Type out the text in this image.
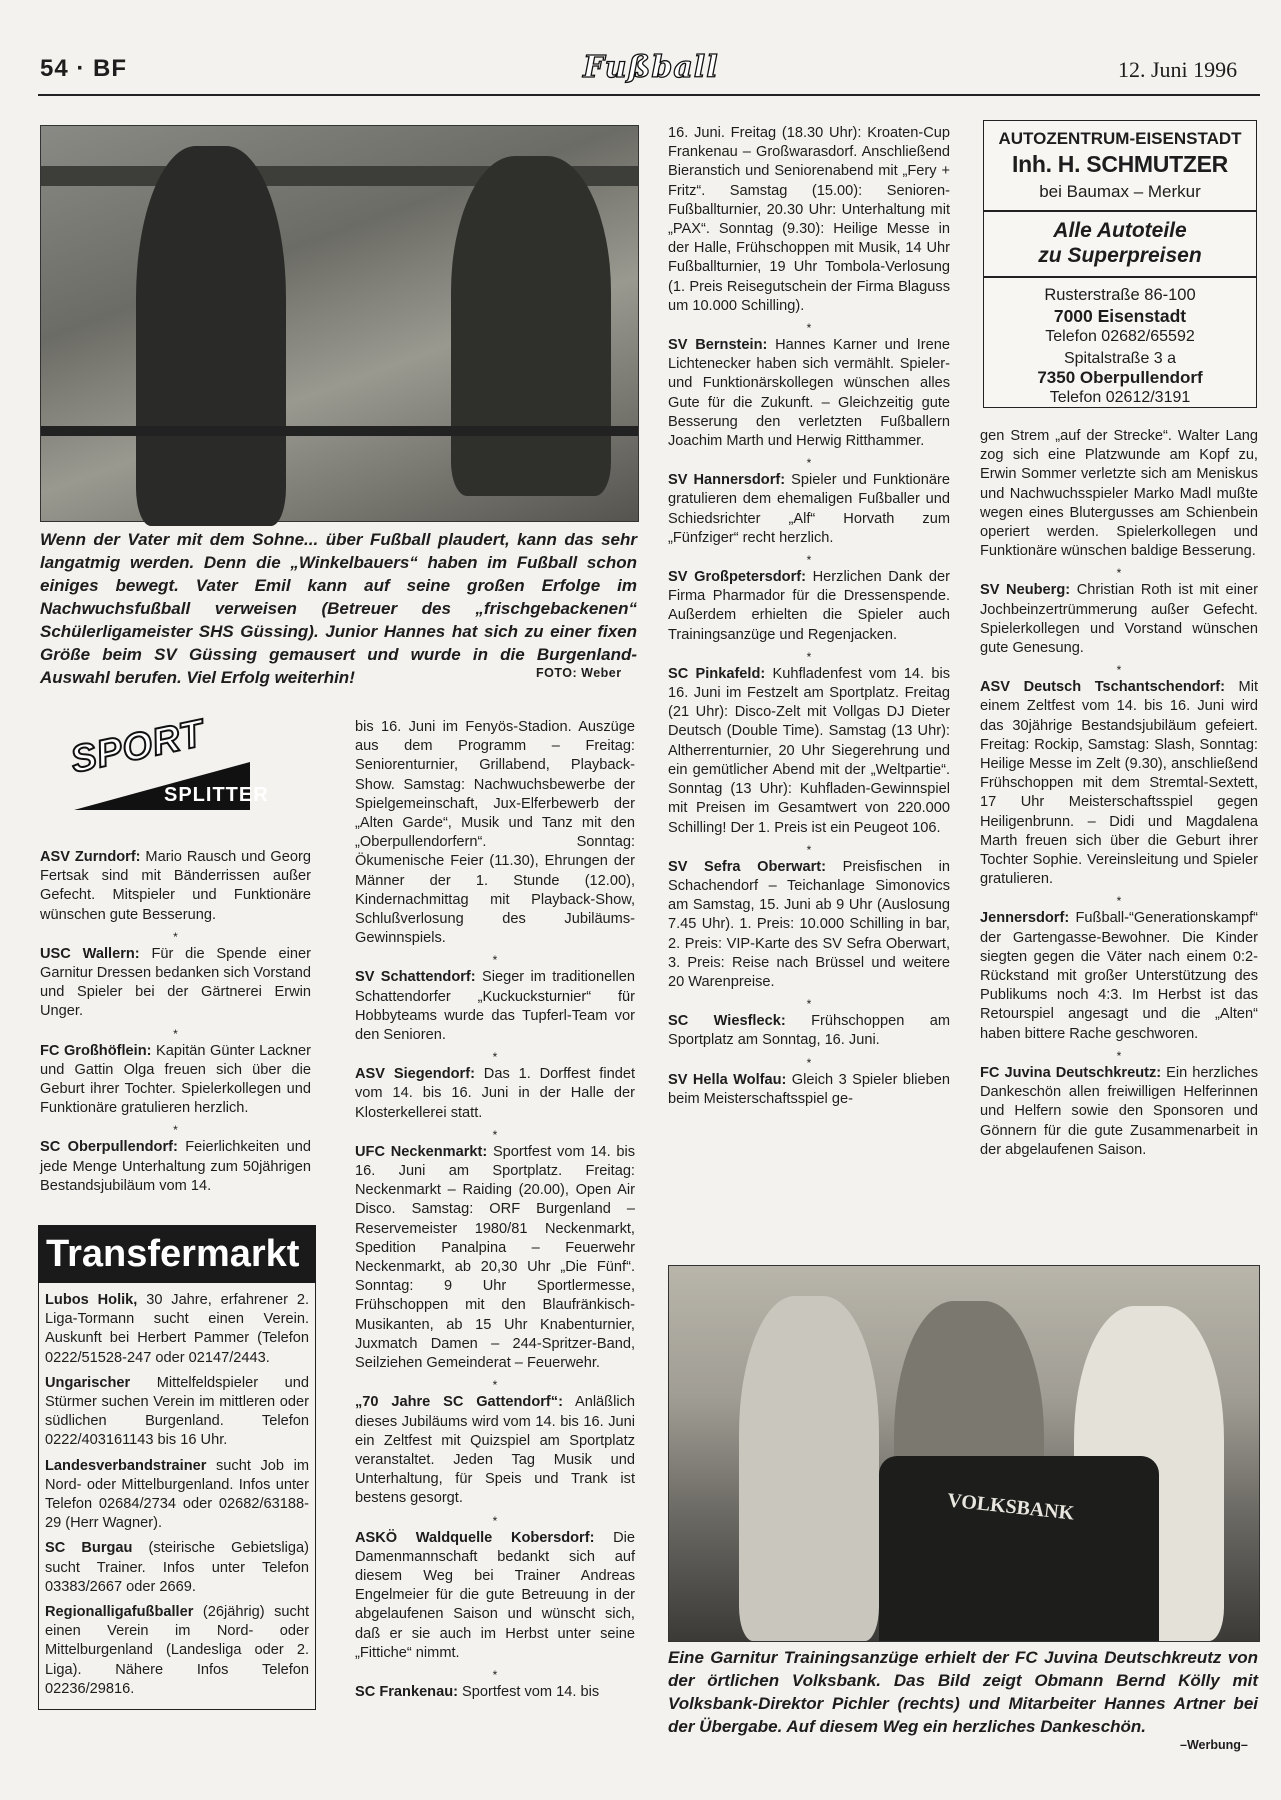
54 · BF	Fußball	12. Juni 1996
Wenn der Vater mit dem Sohne... über Fußball plaudert, kann das sehr langatmig werden. Denn die „Winkelbauers“ haben im Fußball schon einiges bewegt. Vater Emil kann auf seine großen Erfolge im Nachwuchsfußball verweisen (Betreuer des „frischgebackenen“ Schülerligameister SHS Güssing). Junior Hannes hat sich zu einer fixen Größe beim SV Güssing gemausert und wurde in die Burgenland-Auswahl berufen. Viel Erfolg weiterhin!	FOTO: Weber
AUTOZENTRUM-EISENSTADT
Inh. H. SCHMUTZER
bei Baumax – Merkur
Alle Autoteile
zu Superpreisen
Rusterstraße 86-100
7000 Eisenstadt
Telefon 02682/65592
Spitalstraße 3 a
7350 Oberpullendorf
Telefon 02612/3191
SPORT
SPLITTER

ASV Zurndorf: Mario Rausch und Georg Fertsak sind mit Bänderrissen außer Gefecht. Mitspieler und Funktionäre wünschen gute Besserung.

*

USC Wallern: Für die Spende einer Garnitur Dressen bedanken sich Vorstand und Spieler bei der Gärtnerei Erwin Unger.

*

FC Großhöflein: Kapitän Günter Lackner und Gattin Olga freuen sich über die Geburt ihrer Tochter. Spielerkollegen und Funktionäre gratulieren herzlich.

*

SC Oberpullendorf: Feierlichkeiten und jede Menge Unterhaltung zum 50jährigen Bestandsjubiläum vom 14.

Transfermarkt

Lubos Holik, 30 Jahre, erfahrener 2. Liga-Tormann sucht einen Verein. Auskunft bei Herbert Pammer (Telefon 0222/51528-247 oder 02147/2443.

Ungarischer Mittelfeldspieler und Stürmer suchen Verein im mittleren oder südlichen Burgenland. Telefon 0222/403161143 bis 16 Uhr.

Landesverbandstrainer sucht Job im Nord- oder Mittelburgenland. Infos unter Telefon 02684/2734 oder 02682/63188-29 (Herr Wagner).

SC Burgau (steirische Gebietsliga) sucht Trainer. Infos unter Telefon 03383/2667 oder 2669.

Regionalligafußballer (26jährig) sucht einen Verein im Nord- oder Mittelburgenland (Landesliga oder 2. Liga). Nähere Infos Telefon 02236/29816.

bis 16. Juni im Fenyös-Stadion. Auszüge aus dem Programm – Freitag: Seniorenturnier, Grillabend, Playback-Show. Samstag: Nachwuchsbewerbe der Spielgemeinschaft, Jux-Elferbewerb der „Alten Garde“, Musik und Tanz mit den „Oberpullendorfern“. Sonntag: Ökumenische Feier (11.30), Ehrungen der Männer der 1. Stunde (12.00), Kindernachmittag mit Playback-Show, Schlußverlosung des Jubiläums-Gewinnspiels.

*

SV Schattendorf: Sieger im traditionellen Schattendorfer „Kuckucksturnier“ für Hobbyteams wurde das Tupferl-Team vor den Senioren.

*

ASV Siegendorf: Das 1. Dorffest findet vom 14. bis 16. Juni in der Halle der Klosterkellerei statt.

*

UFC Neckenmarkt: Sportfest vom 14. bis 16. Juni am Sportplatz. Freitag: Neckenmarkt – Raiding (20.00), Open Air Disco. Samstag: ORF Burgenland – Reservemeister 1980/81 Neckenmarkt, Spedition Panalpina – Feuerwehr Neckenmarkt, ab 20,30 Uhr „Die Fünf“. Sonntag: 9 Uhr Sportlermesse, Frühschoppen mit den Blaufränkisch-Musikanten, ab 15 Uhr Knabenturnier, Juxmatch Damen – 244-Spritzer-Band, Seilziehen Gemeinderat – Feuerwehr.

*

„70 Jahre SC Gattendorf“: Anläßlich dieses Jubiläums wird vom 14. bis 16. Juni ein Zeltfest mit Quizspiel am Sportplatz veranstaltet. Jeden Tag Musik und Unterhaltung, für Speis und Trank ist bestens gesorgt.

*

ASKÖ Waldquelle Kobersdorf: Die Damenmannschaft bedankt sich auf diesem Weg bei Trainer Andreas Engelmeier für die gute Betreuung in der abgelaufenen Saison und wünscht sich, daß er sie auch im Herbst unter seine „Fittiche“ nimmt.

*

SC Frankenau: Sportfest vom 14. bis

16. Juni. Freitag (18.30 Uhr): Kroaten-Cup Frankenau – Großwarasdorf. Anschließend Bieranstich und Seniorenabend mit „Fery + Fritz“. Samstag (15.00): Senioren-Fußballturnier, 20.30 Uhr: Unterhaltung mit „PAX“. Sonntag (9.30): Heilige Messe in der Halle, Frühschoppen mit Musik, 14 Uhr Fußballturnier, 19 Uhr Tombola-Verlosung (1. Preis Reisegutschein der Firma Blaguss um 10.000 Schilling).

*

SV Bernstein: Hannes Karner und Irene Lichtenecker haben sich vermählt. Spieler- und Funktionärskollegen wünschen alles Gute für die Zukunft. – Gleichzeitig gute Besserung den verletzten Fußballern Joachim Marth und Herwig Ritthammer.

*

SV Hannersdorf: Spieler und Funktionäre gratulieren dem ehemaligen Fußballer und Schiedsrichter „Alf“ Horvath zum „Fünfziger“ recht herzlich.

*

SV Großpetersdorf: Herzlichen Dank der Firma Pharmador für die Dressenspende. Außerdem erhielten die Spieler auch Trainingsanzüge und Regenjacken.

*

SC Pinkafeld: Kuhfladenfest vom 14. bis 16. Juni im Festzelt am Sportplatz. Freitag (21 Uhr): Disco-Zelt mit Vollgas DJ Dieter Deutsch (Double Time). Samstag (13 Uhr): Altherrenturnier, 20 Uhr Siegerehrung und ein gemütlicher Abend mit der „Weltpartie“. Sonntag (13 Uhr): Kuhfladen-Gewinnspiel mit Preisen im Gesamtwert von 220.000 Schilling! Der 1. Preis ist ein Peugeot 106.

*

SV Sefra Oberwart: Preisfischen in Schachendorf – Teichanlage Simonovics am Samstag, 15. Juni ab 9 Uhr (Auslosung 7.45 Uhr). 1. Preis: 10.000 Schilling in bar, 2. Preis: VIP-Karte des SV Sefra Oberwart, 3. Preis: Reise nach Brüssel und weitere 20 Warenpreise.

*

SC Wiesfleck: Frühschoppen am Sportplatz am Sonntag, 16. Juni.

*

SV Hella Wolfau: Gleich 3 Spieler blieben beim Meisterschaftsspiel ge-

gen Strem „auf der Strecke“. Walter Lang zog sich eine Platzwunde am Kopf zu, Erwin Sommer verletzte sich am Meniskus und Nachwuchsspieler Marko Madl mußte wegen eines Blutergusses am Schienbein operiert werden. Spielerkollegen und Funktionäre wünschen baldige Besserung.

*

SV Neuberg: Christian Roth ist mit einer Jochbeinzertrümmerung außer Gefecht. Spielerkollegen und Vorstand wünschen gute Genesung.

*

ASV Deutsch Tschantschendorf: Mit einem Zeltfest vom 14. bis 16. Juni wird das 30jährige Bestandsjubiläum gefeiert. Freitag: Rockip, Samstag: Slash, Sonntag: Heilige Messe im Zelt (9.30), anschließend Frühschoppen mit dem Stremtal-Sextett, 17 Uhr Meisterschaftsspiel gegen Heiligenbrunn. – Didi und Magdalena Marth freuen sich über die Geburt ihrer Tochter Sophie. Vereinsleitung und Spieler gratulieren.

*

Jennersdorf: Fußball-“Generationskampf“ der Gartengasse-Bewohner. Die Kinder siegten gegen die Väter nach einem 0:2-Rückstand mit großer Unterstützung des Publikums noch 4:3. Im Herbst ist das Retourspiel angesagt und die „Alten“ haben bittere Rache geschworen.

*

FC Juvina Deutschkreutz: Ein herzliches Dankeschön allen freiwilligen Helferinnen und Helfern sowie den Sponsoren und Gönnern für die gute Zusammenarbeit in der abgelaufenen Saison.

VOLKSBANK
Eine Garnitur Trainingsanzüge erhielt der FC Juvina Deutschkreutz von der örtlichen Volksbank. Das Bild zeigt Obmann Bernd Kölly mit Volksbank-Direktor Pichler (rechts) und Mitarbeiter Hannes Artner bei der Übergabe. Auf diesem Weg ein herzliches Dankeschön.
–Werbung–
